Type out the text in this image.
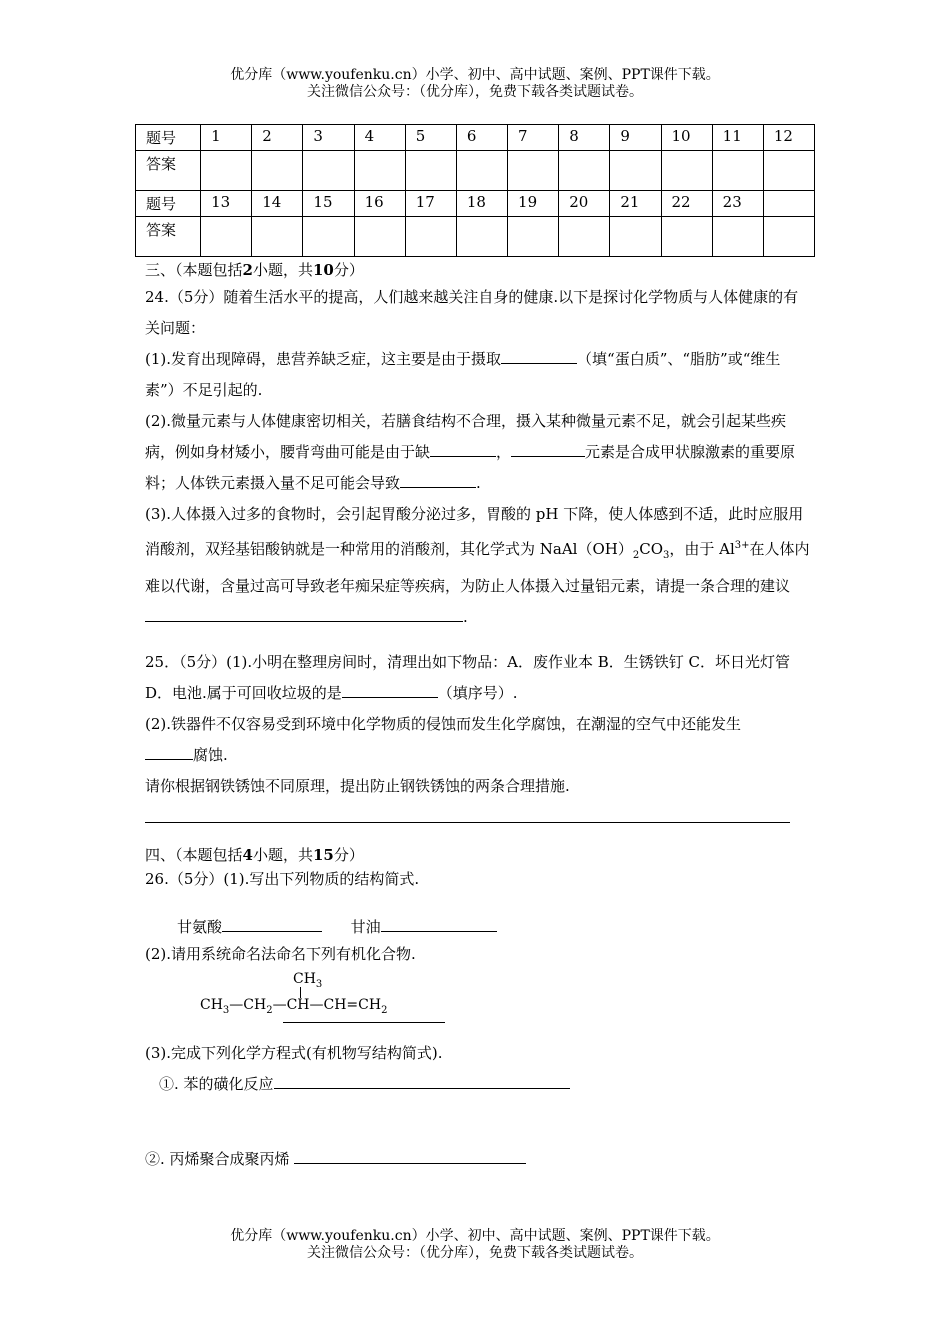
优分库（www.youfenku.cn）小学、初中、高中试题、案例、PPT课件下载。
关注微信公众号：（优分库），免费下载各类试题试卷。
题号	1	2	3	4	5	6	7	8	9	10	11	12
答案												
题号	13	14	15	16	17	18	19	20	21	22	23	
答案												

三、（本题包括2小题，共10分）

24.（5分）随着生活水平的提高，人们越来越关注自身的健康.以下是探讨化学物质与人体健康的有关问题：

(1).发育出现障碍，患营养缺乏症，这主要是由于摄取	（填“蛋白质”、“脂肪”或“维生素”）不足引起的.

(2).微量元素与人体健康密切相关，若膳食结构不合理，摄入某种微量元素不足，就会引起某些疾病，例如身材矮小，腰背弯曲可能是由于缺	，	元素是合成甲状腺激素的重要原料；人体铁元素摄入量不足可能会导致	.

(3).人体摄入过多的食物时，会引起胃酸分泌过多，胃酸的 pH 下降，使人体感到不适，此时应服用消酸剂，双羟基铝酸钠就是一种常用的消酸剂，其化学式为 $NaAl(OH)_2CO_3$，由于 $Al^{3+}$在人体内难以代谢，含量过高可导致老年痴呆症等疾病，为防止人体摄入过量铝元素，请提一条合理的建议.

25．（5分）(1).小明在整理房间时，清理出如下物品：A．废作业本 B．生锈铁钉 C．坏日光灯管 D．电池.属于可回收垃圾的是	（填序号）.

(2).铁器件不仅容易受到环境中化学物质的侵蚀而发生化学腐蚀，在潮湿的空气中还能发生

腐蚀.

请你根据钢铁锈蚀不同原理，提出防止钢铁锈蚀的两条合理措施.

四、（本题包括4小题，共15分）

26.（5分）(1).写出下列物质的结构简式.

甘氨酸	甘油

(2).请用系统命名法命名下列有机化合物.

$CH_3$
$CH_3—CH_2—CH—CH=CH_2$

(3).完成下列化学方程式(有机物写结构简式).

①. 苯的磺化反应

②. 丙烯聚合成聚丙烯

优分库（www.youfenku.cn）小学、初中、高中试题、案例、PPT课件下载。
关注微信公众号：（优分库），免费下载各类试题试卷。
